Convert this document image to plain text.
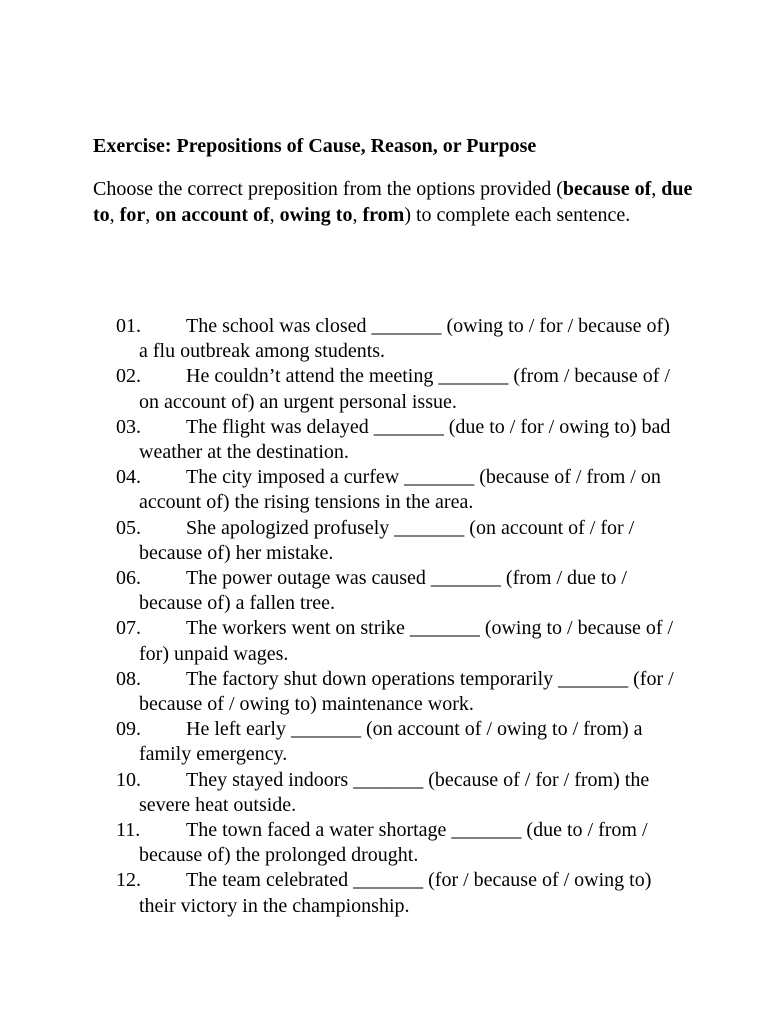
Exercise: Prepositions of Cause, Reason, or Purpose
Choose the correct preposition from the options provided (because of, due to, for, on account of, owing to, from) to complete each sentence.
01. The school was closed _______ (owing to / for / because of) a flu outbreak among students.
02. He couldn’t attend the meeting _______ (from / because of / on account of) an urgent personal issue.
03. The flight was delayed _______ (due to / for / owing to) bad weather at the destination.
04. The city imposed a curfew _______ (because of / from / on account of) the rising tensions in the area.
05. She apologized profusely _______ (on account of / for / because of) her mistake.
06. The power outage was caused _______ (from / due to / because of) a fallen tree.
07. The workers went on strike _______ (owing to / because of / for) unpaid wages.
08. The factory shut down operations temporarily _______ (for / because of / owing to) maintenance work.
09. He left early _______ (on account of / owing to / from) a family emergency.
10. They stayed indoors _______ (because of / for / from) the severe heat outside.
11. The town faced a water shortage _______ (due to / from / because of) the prolonged drought.
12. The team celebrated _______ (for / because of / owing to) their victory in the championship.
